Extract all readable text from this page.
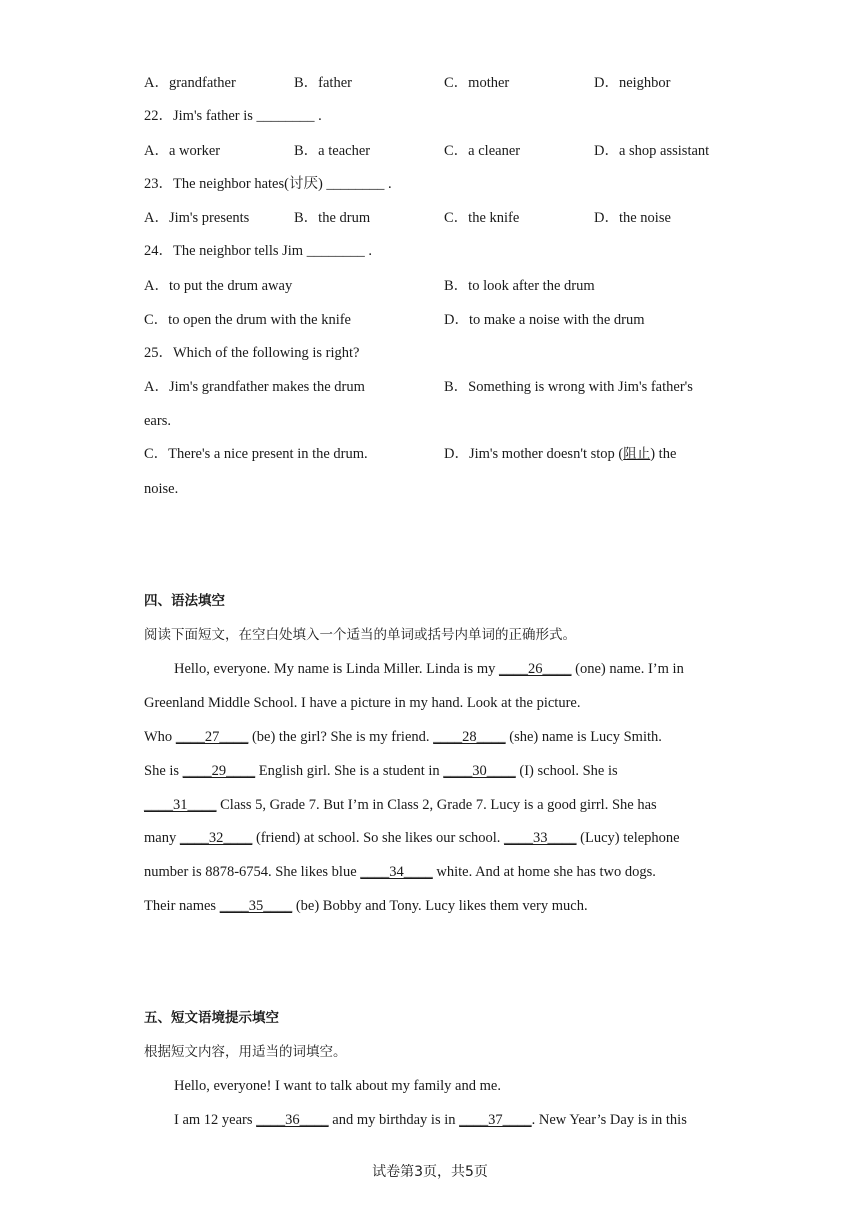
A．grandfather	B．father	C．mother	D．neighbor
22．Jim's father is ________ .
A．a worker	B．a teacher	C．a cleaner	D．a shop assistant
23．The neighbor hates(讨厌) ________ .
A．Jim's presents	B．the drum	C．the knife	D．the noise
24．The neighbor tells Jim ________ .
A．to put the drum away	B．to look after the drum
C．to open the drum with the knife	D．to make a noise with the drum
25．Which of the following is right?
A．Jim's grandfather makes the drum	B．Something is wrong with Jim's father's
ears.
C．There's a nice present in the drum.	D．Jim's mother doesn't stop (阻止) the
noise.
四、语法填空
阅读下面短文，在空白处填入一个适当的单词或括号内单词的正确形式。
Hello, everyone. My name is Linda Miller. Linda is my ____26____ (one) name. I’m in
Greenland Middle School. I have a picture in my hand. Look at the picture.
Who ____27____ (be) the girl? She is my friend. ____28____ (she) name is Lucy Smith.
She is ____29____ English girl. She is a student in ____30____ (I) school. She is
____31____ Class 5, Grade 7. But I’m in Class 2, Grade 7. Lucy is a good girrl. She has
many ____32____ (friend) at school. So she likes our school. ____33____ (Lucy) telephone
number is 8878-6754. She likes blue ____34____ white. And at home she has two dogs.
Their names ____35____ (be) Bobby and Tony. Lucy likes them very much.
五、短文语境提示填空
根据短文内容，用适当的词填空。
Hello, everyone! I want to talk about my family and me.
I am 12 years ____36____ and my birthday is in ____37____. New Year’s Day is in this
试卷第3页，共5页
